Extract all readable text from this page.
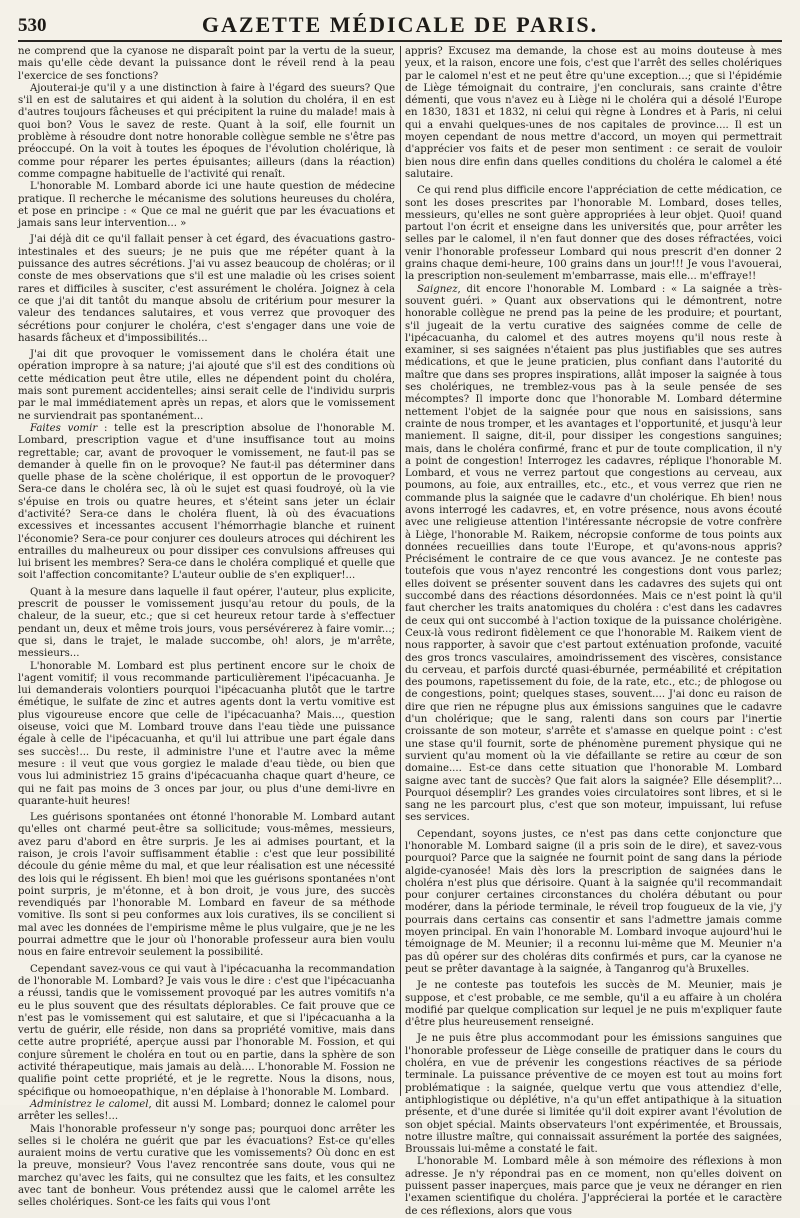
530	GAZETTE MÉDICALE DE PARIS.

ne comprend que la cyanose ne disparaît point par la vertu de la sueur, mais qu'elle cède devant la puissance dont le réveil rend à la peau l'exercice de ses fonctions?

Ajouterai-je qu'il y a une distinction à faire à l'égard des sueurs? Que s'il en est de salutaires et qui aident à la solution du choléra, il en est d'autres toujours fâcheuses et qui précipitent la ruine du malade! mais à quoi bon? Vous le savez de reste. Quant à la soif, elle fournit un problème à résoudre dont notre honorable collègue semble ne s'être pas préoccupé. On la voit à toutes les époques de l'évolution cholérique, là comme pour réparer les pertes épuisantes; ailleurs (dans la réaction) comme compagne habituelle de l'activité qui renaît.

L'honorable M. Lombard aborde ici une haute question de médecine pratique. Il recherche le mécanisme des solutions heureuses du choléra, et pose en principe : « Que ce mal ne guérit que par les évacuations et jamais sans leur intervention... »

J'ai déjà dit ce qu'il fallait penser à cet égard, des évacuations gastro-intestinales et des sueurs; je ne puis que me répéter quant à la puissance des autres sécrétions. J'ai vu assez beaucoup de choléras; or il conste de mes observations que s'il est une maladie où les crises soient rares et difficiles à susciter, c'est assurément le choléra. Joignez à cela ce que j'ai dit tantôt du manque absolu de critérium pour mesurer la valeur des tendances salutaires, et vous verrez que provoquer des sécrétions pour conjurer le choléra, c'est s'engager dans une voie de hasards fâcheux et d'impossibilités...

J'ai dit que provoquer le vomissement dans le choléra était une opération impropre à sa nature; j'ai ajouté que s'il est des conditions où cette médication peut être utile, elles ne dépendent point du choléra, mais sont purement accidentelles; ainsi serait celle de l'individu surpris par le mal immédiatement après un repas, et alors que le vomissement ne surviendrait pas spontanément...

Faites vomir : telle est la prescription absolue de l'honorable M. Lombard, prescription vague et d'une insuffisance tout au moins regrettable; car, avant de provoquer le vomissement, ne faut-il pas se demander à quelle fin on le provoque? Ne faut-il pas déterminer dans quelle phase de la scène cholérique, il est opportun de le provoquer? Sera-ce dans le choléra sec, là où le sujet est quasi foudroyé, où la vie s'épuise en trois ou quatre heures, et s'éteint sans jeter un éclair d'activité? Sera-ce dans le choléra fluent, là où des évacuations excessives et incessantes accusent l'hémorrhagie blanche et ruinent l'économie? Sera-ce pour conjurer ces douleurs atroces qui déchirent les entrailles du malheureux ou pour dissiper ces convulsions affreuses qui lui brisent les membres? Sera-ce dans le choléra compliqué et quelle que soit l'affection concomitante? L'auteur oublie de s'en expliquer!...

Quant à la mesure dans laquelle il faut opérer, l'auteur, plus explicite, prescrit de pousser le vomissement jusqu'au retour du pouls, de la chaleur, de la sueur, etc.; que si cet heureux retour tarde à s'effectuer pendant un, deux et même trois jours, vous persévérerez à faire vomir...; que si, dans le trajet, le malade succombe, oh! alors, je m'arrête, messieurs...

L'honorable M. Lombard est plus pertinent encore sur le choix de l'agent vomitif; il vous recommande particulièrement l'ipécacuanha. Je lui demanderais volontiers pourquoi l'ipécacuanha plutôt que le tartre émétique, le sulfate de zinc et autres agents dont la vertu vomitive est plus vigoureuse encore que celle de l'ipécacuanha? Mais..., question oiseuse, voici que M. Lombard trouve dans l'eau tiède une puissance égale à celle de l'ipécacuanha, et qu'il lui attribue une part égale dans ses succès!... Du reste, il administre l'une et l'autre avec la même mesure : il veut que vous gorgiez le malade d'eau tiède, ou bien que vous lui administriez 15 grains d'ipécacuanha chaque quart d'heure, ce qui ne fait pas moins de 3 onces par jour, ou plus d'une demi-livre en quarante-huit heures!

Les guérisons spontanées ont étonné l'honorable M. Lombard autant qu'elles ont charmé peut-être sa sollicitude; vous-mêmes, messieurs, avez paru d'abord en être surpris. Je les ai admises pourtant, et la raison, je crois l'avoir suffisamment établie : c'est que leur possibilité découle du génie même du mal, et que leur réalisation est une nécessité des lois qui le régissent. Eh bien! moi que les guérisons spontanées n'ont point surpris, je m'étonne, et à bon droit, je vous jure, des succès revendiqués par l'honorable M. Lombard en faveur de sa méthode vomitive. Ils sont si peu conformes aux lois curatives, ils se concilient si mal avec les données de l'empirisme même le plus vulgaire, que je ne les pourrai admettre que le jour où l'honorable professeur aura bien voulu nous en faire entrevoir seulement la possibilité.

Cependant savez-vous ce qui vaut à l'ipécacuanha la recommandation de l'honorable M. Lombard? Je vais vous le dire : c'est que l'ipécacuanha a réussi, tandis que le vomissement provoqué par les autres vomitifs n'a eu le plus souvent que des résultats déplorables. Ce fait prouve que ce n'est pas le vomissement qui est salutaire, et que si l'ipécacuanha a la vertu de guérir, elle réside, non dans sa propriété vomitive, mais dans cette autre propriété, aperçue aussi par l'honorable M. Fossion, et qui conjure sûrement le choléra en tout ou en partie, dans la sphère de son activité thérapeutique, mais jamais au delà.... L'honorable M. Fossion ne qualifie point cette propriété, et je le regrette. Nous la disons, nous, spécifique ou homoeopathique, n'en déplaise à l'honorable M. Lombard.

Administrez le calomel, dit aussi M. Lombard; donnez le calomel pour arrêter les selles!...

Mais l'honorable professeur n'y songe pas; pourquoi donc arrêter les selles si le choléra ne guérit que par les évacuations? Est-ce qu'elles auraient moins de vertu curative que les vomissements? Où donc en est la preuve, monsieur? Vous l'avez rencontrée sans doute, vous qui ne marchez qu'avec les faits, qui ne consultez que les faits, et les consultez avec tant de bonheur. Vous prétendez aussi que le calomel arrête les selles cholériques. Sont-ce les faits qui vous l'ont

appris? Excusez ma demande, la chose est au moins douteuse à mes yeux, et la raison, encore une fois, c'est que l'arrêt des selles cholériques par le calomel n'est et ne peut être qu'une exception...; que si l'épidémie de Liège témoignait du contraire, j'en conclurais, sans crainte d'être démenti, que vous n'avez eu à Liège ni le choléra qui a désolé l'Europe en 1830, 1831 et 1832, ni celui qui règne à Londres et à Paris, ni celui qui a envahi quelques-unes de nos capitales de province.... Il est un moyen cependant de nous mettre d'accord, un moyen qui permettrait d'apprécier vos faits et de peser mon sentiment : ce serait de vouloir bien nous dire enfin dans quelles conditions du choléra le calomel a été salutaire.

Ce qui rend plus difficile encore l'appréciation de cette médication, ce sont les doses prescrites par l'honorable M. Lombard, doses telles, messieurs, qu'elles ne sont guère appropriées à leur objet. Quoi! quand partout l'on écrit et enseigne dans les universités que, pour arrêter les selles par le calomel, il n'en faut donner que des doses réfractées, voici venir l'honorable professeur Lombard qui nous prescrit d'en donner 2 grains chaque demi-heure, 100 grains dans un jour!!! Je vous l'avouerai, la prescription non-seulement m'embarrasse, mais elle... m'effraye!!

Saignez, dit encore l'honorable M. Lombard : « La saignée a très-souvent guéri. » Quant aux observations qui le démontrent, notre honorable collègue ne prend pas la peine de les produire; et pourtant, s'il jugeait de la vertu curative des saignées comme de celle de l'ipécacuanha, du calomel et des autres moyens qu'il nous reste à examiner, si ses saignées n'étaient pas plus justifiables que ses autres médications, et que le jeune praticien, plus confiant dans l'autorité du maître que dans ses propres inspirations, allât imposer la saignée à tous ses cholériques, ne tremblez-vous pas à la seule pensée de ses mécomptes? Il importe donc que l'honorable M. Lombard détermine nettement l'objet de la saignée pour que nous en saisissions, sans crainte de nous tromper, et les avantages et l'opportunité, et jusqu'à leur maniement. Il saigne, dit-il, pour dissiper les congestions sanguines; mais, dans le choléra confirmé, franc et pur de toute complication, il n'y a point de congestion! Interrogez les cadavres, réplique l'honorable M. Lombard, et vous ne verrez partout que congestions au cerveau, aux poumons, au foie, aux entrailles, etc., etc., et vous verrez que rien ne commande plus la saignée que le cadavre d'un cholérique. Eh bien! nous avons interrogé les cadavres, et, en votre présence, nous avons écouté avec une religieuse attention l'intéressante nécropsie de votre confrère à Liège, l'honorable M. Raikem, nécropsie conforme de tous points aux données recueillies dans toute l'Europe, et qu'avons-nous appris? Précisément le contraire de ce que vous avancez. Je ne conteste pas toutefois que vous n'ayez rencontré les congestions dont vous parlez; elles doivent se présenter souvent dans les cadavres des sujets qui ont succombé dans des réactions désordonnées. Mais ce n'est point là qu'il faut chercher les traits anatomiques du choléra : c'est dans les cadavres de ceux qui ont succombé à l'action toxique de la puissance cholérigène. Ceux-là vous rediront fidèlement ce que l'honorable M. Raikem vient de nous rapporter, à savoir que c'est partout exténuation profonde, vacuité des gros troncs vasculaires, amoindrissement des viscères, consistance du cerveau, et parfois durcté quasi-éburnée, perméabilité et crépitation des poumons, rapetissement du foie, de la rate, etc., etc.; de phlogose ou de congestions, point; quelques stases, souvent.... J'ai donc eu raison de dire que rien ne répugne plus aux émissions sanguines que le cadavre d'un cholérique; que le sang, ralenti dans son cours par l'inertie croissante de son moteur, s'arrête et s'amasse en quelque point : c'est une stase qu'il fournit, sorte de phénomène purement physique qui ne survient qu'au moment où la vie défaillante se retire au cœur de son domaine.... Est-ce dans cette situation que l'honorable M. Lombard saigne avec tant de succès? Que fait alors la saignée? Elle désemplit?... Pourquoi désemplir? Les grandes voies circulatoires sont libres, et si le sang ne les parcourt plus, c'est que son moteur, impuissant, lui refuse ses services.

Cependant, soyons justes, ce n'est pas dans cette conjoncture que l'honorable M. Lombard saigne (il a pris soin de le dire), et savez-vous pourquoi? Parce que la saignée ne fournit point de sang dans la période algide-cyanosée! Mais dès lors la prescription de saignées dans le choléra n'est plus que dérisoire. Quant à la saignée qu'il recommandait pour conjurer certaines circonstances du choléra débutant ou pour modérer, dans la période terminale, le réveil trop fougueux de la vie, j'y pourrais dans certains cas consentir et sans l'admettre jamais comme moyen principal. En vain l'honorable M. Lombard invoque aujourd'hui le témoignage de M. Meunier; il a reconnu lui-même que M. Meunier n'a pas dû opérer sur des choléras dits confirmés et purs, car la cyanose ne peut se prêter davantage à la saignée, à Tanganrog qu'à Bruxelles.

Je ne conteste pas toutefois les succès de M. Meunier, mais je suppose, et c'est probable, ce me semble, qu'il a eu affaire à un choléra modifié par quelque complication sur lequel je ne puis m'expliquer faute d'être plus heureusement renseigné.

Je ne puis être plus accommodant pour les émissions sanguines que l'honorable professeur de Liège conseille de pratiquer dans le cours du choléra, en vue de prévenir les congestions réactives de sa période terminale. La puissance préventive de ce moyen est tout au moins fort problématique : la saignée, quelque vertu que vous attendiez d'elle, antiphlogistique ou déplétive, n'a qu'un effet antipathique à la situation présente, et d'une durée si limitée qu'il doit expirer avant l'évolution de son objet spécial. Maints observateurs l'ont expérimentée, et Broussais, notre illustre maître, qui connaissait assurément la portée des saignées, Broussais lui-même a constaté le fait.

L'honorable M. Lombard mêle à son mémoire des réflexions à mon adresse. Je n'y répondrai pas en ce moment, non qu'elles doivent on puissent passer inaperçues, mais parce que je veux ne déranger en rien l'examen scientifique du choléra. J'apprécierai la portée et le caractère de ces réflexions, alors que vous
